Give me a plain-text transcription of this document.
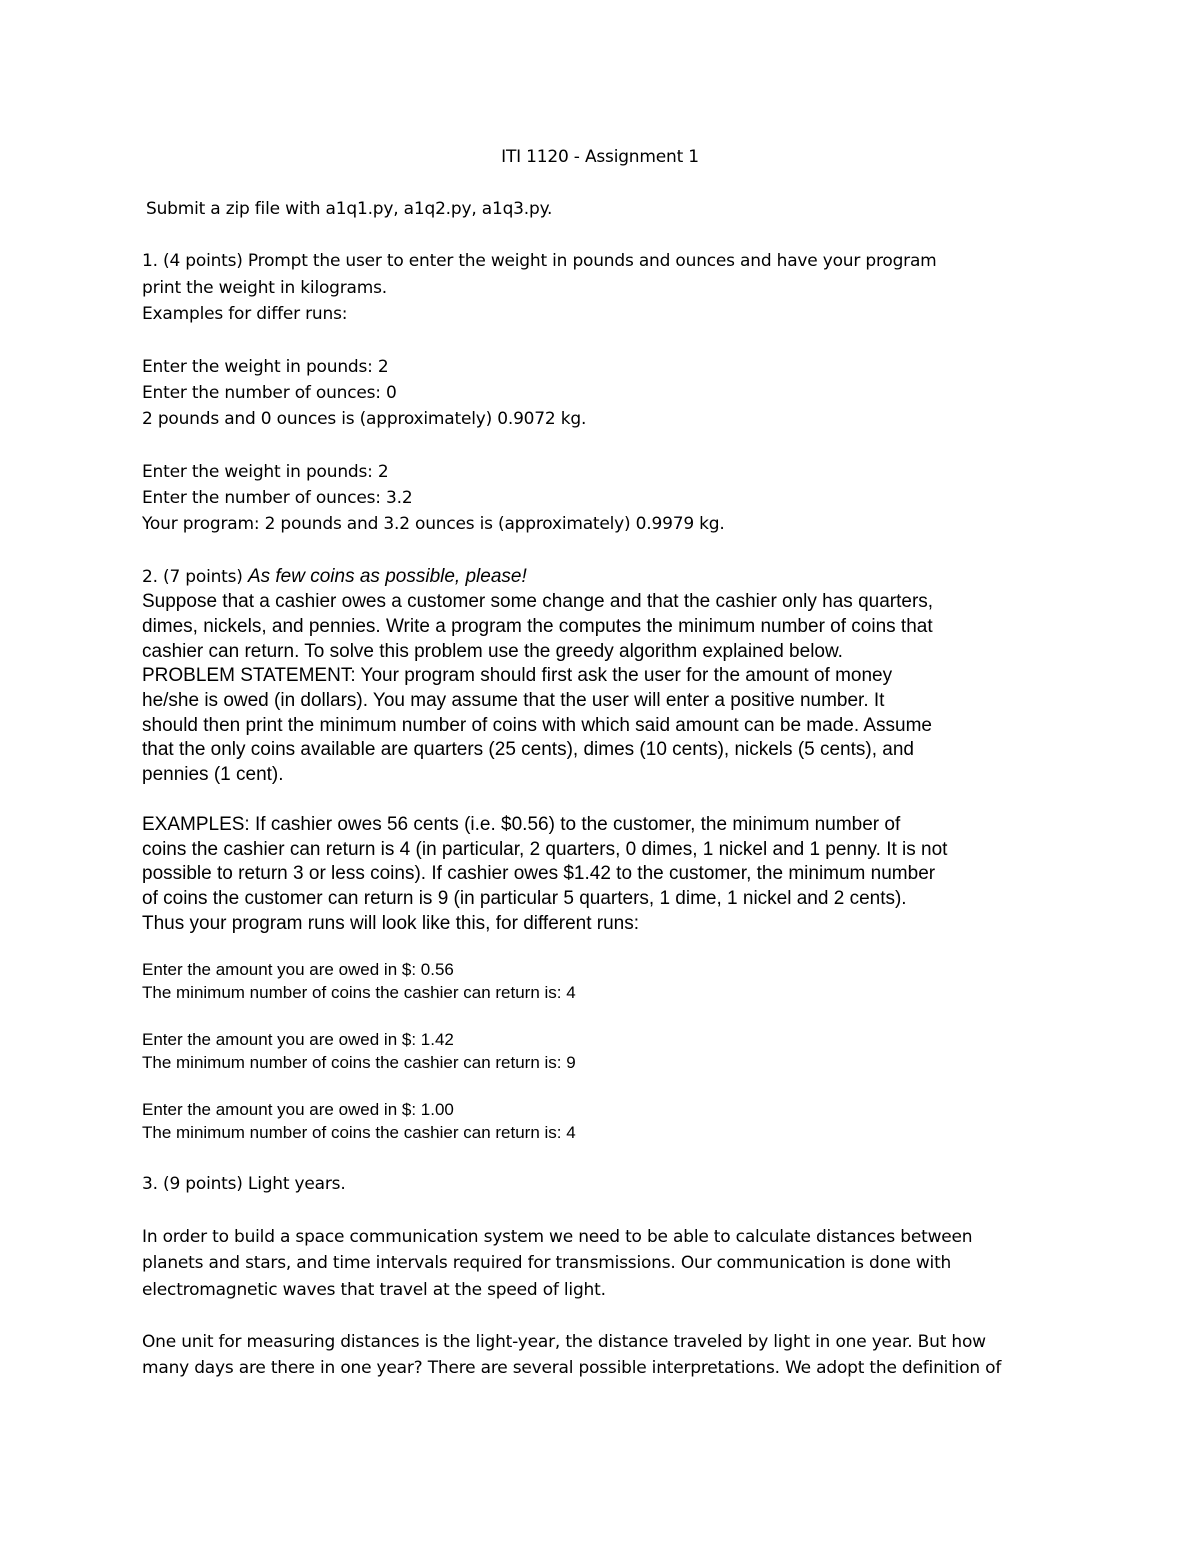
ITI 1120 - Assignment 1
Submit a zip file with a1q1.py, a1q2.py, a1q3.py.
1. (4 points) Prompt the user to enter the weight in pounds and ounces and have your program
print the weight in kilograms.
Examples for differ runs:
Enter the weight in pounds: 2
Enter the number of ounces: 0
2 pounds and 0 ounces is (approximately) 0.9072 kg.
Enter the weight in pounds: 2
Enter the number of ounces: 3.2
Your program: 2 pounds and 3.2 ounces is (approximately) 0.9979 kg.
2. (7 points) As few coins as possible, please!
Suppose that a cashier owes a customer some change and that the cashier only has quarters,
dimes, nickels, and pennies. Write a program the computes the minimum number of coins that
cashier can return. To solve this problem use the greedy algorithm explained below.
PROBLEM STATEMENT: Your program should first ask the user for the amount of money
he/she is owed (in dollars). You may assume that the user will enter a positive number. It
should then print the minimum number of coins with which said amount can be made. Assume
that the only coins available are quarters (25 cents), dimes (10 cents), nickels (5 cents), and
pennies (1 cent).
EXAMPLES: If cashier owes 56 cents (i.e. $0.56) to the customer, the minimum number of
coins the cashier can return is 4 (in particular, 2 quarters, 0 dimes, 1 nickel and 1 penny. It is not
possible to return 3 or less coins). If cashier owes $1.42 to the customer, the minimum number
of coins the customer can return is 9 (in particular 5 quarters, 1 dime, 1 nickel and 2 cents).
Thus your program runs will look like this, for different runs:
Enter the amount you are owed in $: 0.56
The minimum number of coins the cashier can return is: 4
Enter the amount you are owed in $: 1.42
The minimum number of coins the cashier can return is: 9
Enter the amount you are owed in $: 1.00
The minimum number of coins the cashier can return is: 4
3. (9 points) Light years.
In order to build a space communication system we need to be able to calculate distances between
planets and stars, and time intervals required for transmissions. Our communication is done with
electromagnetic waves that travel at the speed of light.
One unit for measuring distances is the light-year, the distance traveled by light in one year. But how
many days are there in one year? There are several possible interpretations. We adopt the definition of
